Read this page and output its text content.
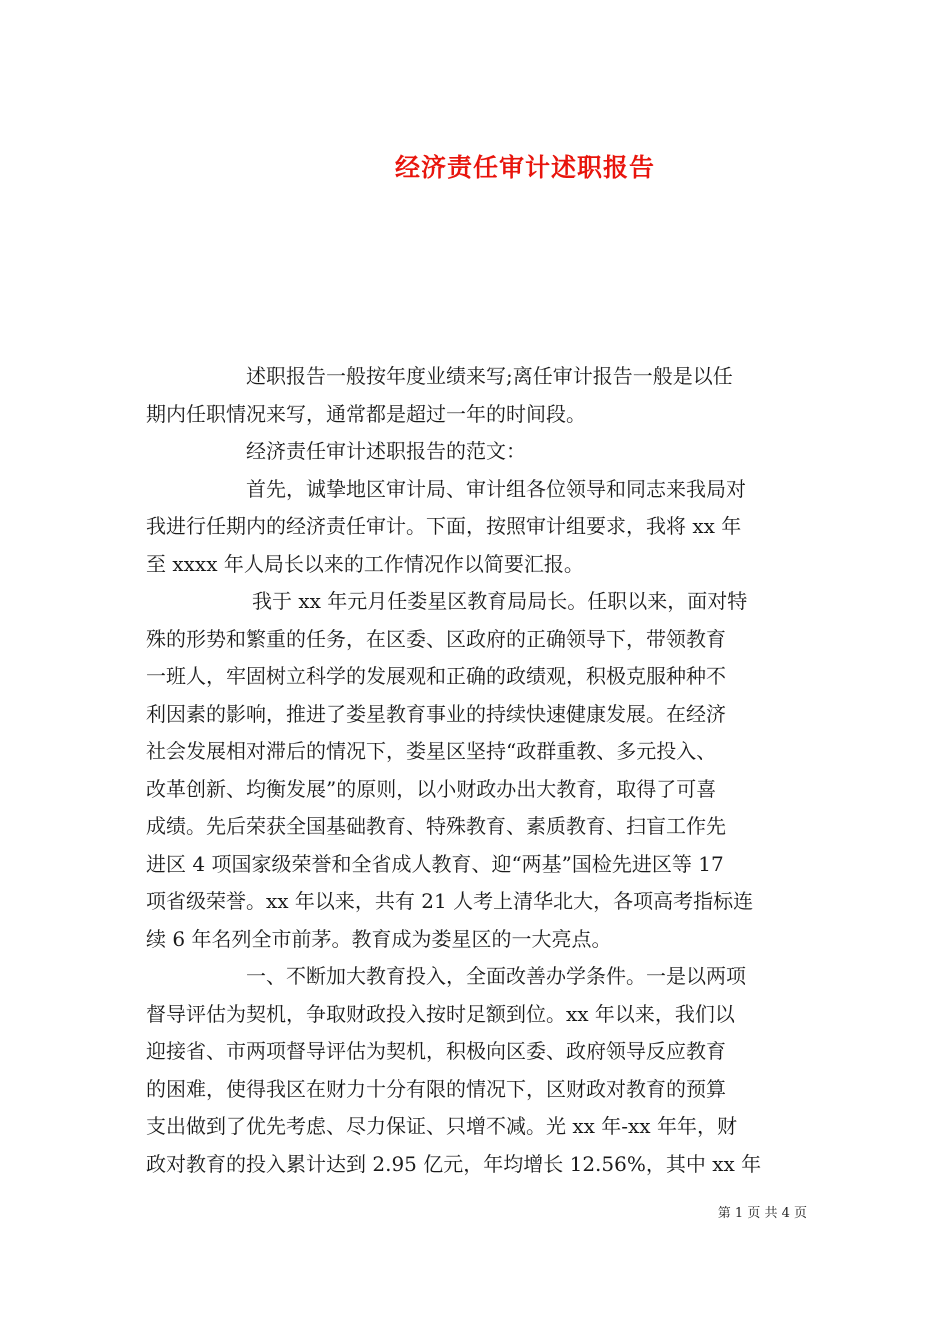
经济责任审计述职报告

述职报告一般按年度业绩来写;离任审计报告一般是以任
期内任职情况来写，通常都是超过一年的时间段。

经济责任审计述职报告的范文：

首先，诚挚地区审计局、审计组各位领导和同志来我局对
我进行任期内的经济责任审计。下面，按照审计组要求，我将 xx 年
至 xxxx 年人局长以来的工作情况作以简要汇报。

我于 xx 年元月任娄星区教育局局长。任职以来，面对特
殊的形势和繁重的任务，在区委、区政府的正确领导下，带领教育
一班人，牢固树立科学的发展观和正确的政绩观，积极克服种种不
利因素的影响，推进了娄星教育事业的持续快速健康发展。在经济
社会发展相对滞后的情况下，娄星区坚持“政群重教、多元投入、
改革创新、均衡发展”的原则，以小财政办出大教育，取得了可喜
成绩。先后荣获全国基础教育、特殊教育、素质教育、扫盲工作先
进区 4 项国家级荣誉和全省成人教育、迎“两基”国检先进区等 17
项省级荣誉。xx 年以来，共有 21 人考上清华北大，各项高考指标连
续 6 年名列全市前茅。教育成为娄星区的一大亮点。

一、不断加大教育投入，全面改善办学条件。一是以两项
督导评估为契机，争取财政投入按时足额到位。xx 年以来，我们以
迎接省、市两项督导评估为契机，积极向区委、政府领导反应教育
的困难，使得我区在财力十分有限的情况下，区财政对教育的预算
支出做到了优先考虑、尽力保证、只增不减。光 xx 年-xx 年年，财
政对教育的投入累计达到 2.95 亿元，年均增长 12.56%，其中 xx 年

第 1 页 共 4 页
